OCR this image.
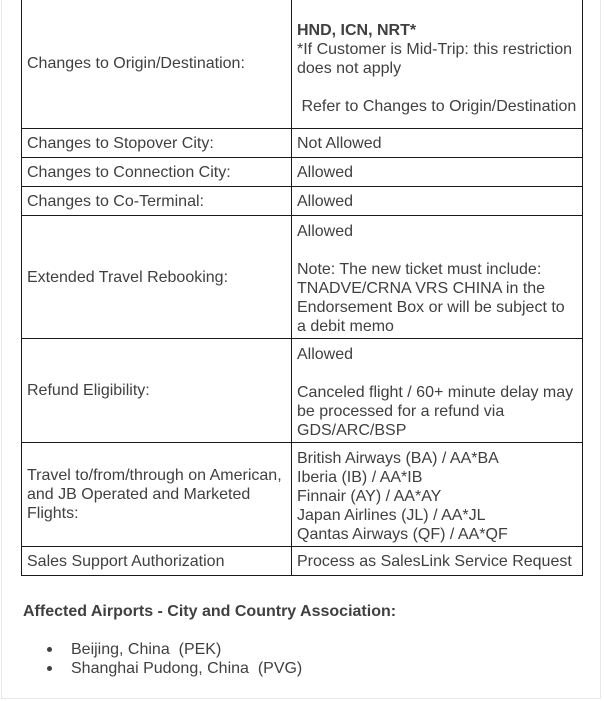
Changes to Origin/Destination:	HND, ICN, NRT*
*If Customer is Mid-Trip: this restriction does not apply
Refer to Changes to Origin/Destination

Changes to Stopover City:	Not Allowed
Changes to Connection City:	Allowed
Changes to Co-Terminal:	Allowed
Extended Travel Rebooking:	Allowed
Note: The new ticket must include: TNADVE/CRNA VRS CHINA in the Endorsement Box or will be subject to a debit memo

Refund Eligibility:	Allowed
Canceled flight / 60+ minute delay may be processed for a refund via GDS/ARC/BSP

Travel to/from/through on American, and JB Operated and Marketed Flights:	British Airways (BA) / AA*BA
Iberia (IB) / AA*IB
Finnair (AY) / AA*AY
Japan Airlines (JL) / AA*JL
Qantas Airways (QF) / AA*QF

Sales Support Authorization	Process as SalesLink Service Request
Affected Airports - City and Country Association:
Beijing, China  (PEK)
Shanghai Pudong, China  (PVG)
